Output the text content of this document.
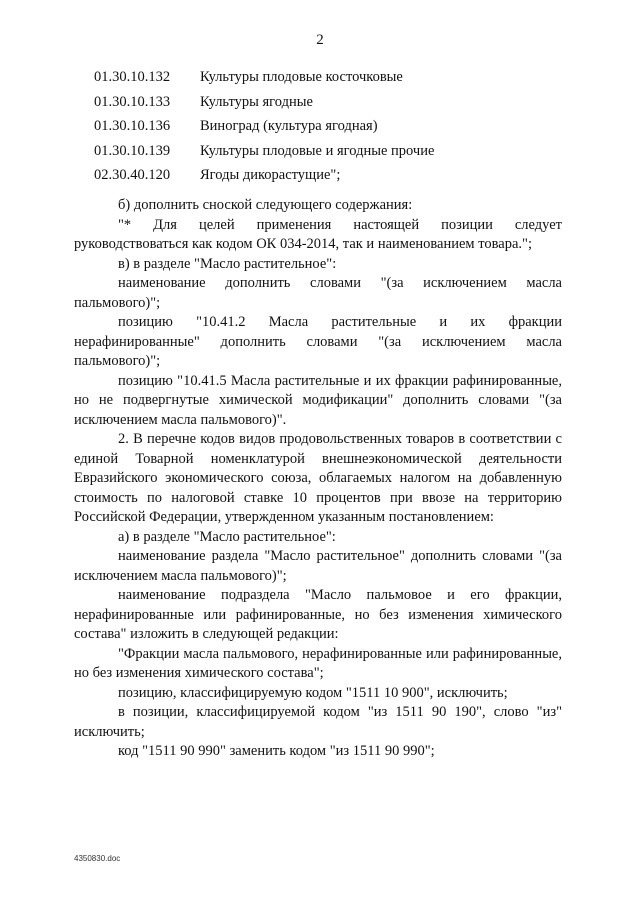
2
01.30.10.132	Культуры плодовые косточковые
01.30.10.133	Культуры ягодные
01.30.10.136	Виноград (культура ягодная)
01.30.10.139	Культуры плодовые и ягодные прочие
02.30.40.120	Ягоды дикорастущие";

б) дополнить сноской следующего содержания:

"* Для целей применения настоящей позиции следует руководствоваться как кодом ОК 034-2014, так и наименованием товара.";

в) в разделе "Масло растительное":

наименование дополнить словами "(за исключением масла пальмового)";

позицию "10.41.2 Масла растительные и их фракции нерафинированные" дополнить словами "(за исключением масла пальмового)";

позицию "10.41.5 Масла растительные и их фракции рафинированные, но не подвергнутые химической модификации" дополнить словами "(за исключением масла пальмового)".

2. В перечне кодов видов продовольственных товаров в соответствии с единой Товарной номенклатурой внешнеэкономической деятельности Евразийского экономического союза, облагаемых налогом на добавленную стоимость по налоговой ставке 10 процентов при ввозе на территорию Российской Федерации, утвержденном указанным постановлением:

а) в разделе "Масло растительное":

наименование раздела "Масло растительное" дополнить словами "(за исключением масла пальмового)";

наименование подраздела "Масло пальмовое и его фракции, нерафинированные или рафинированные, но без изменения химического состава" изложить в следующей редакции:

"Фракции масла пальмового, нерафинированные или рафинированные, но без изменения химического состава";

позицию, классифицируемую кодом "1511 10 900", исключить;

в позиции, классифицируемой кодом "из 1511 90 190", слово "из" исключить;

код "1511 90 990" заменить кодом "из 1511 90 990";

4350830.doc
